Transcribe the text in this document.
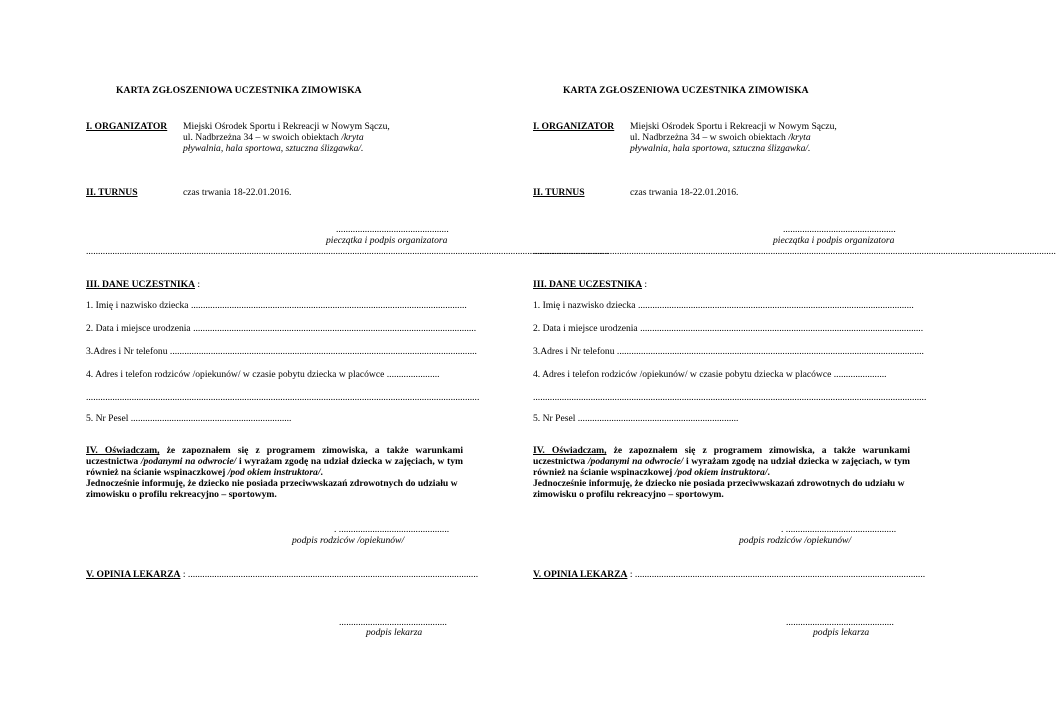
KARTA ZGŁOSZENIOWA UCZESTNIKA ZIMOWISKA
I. ORGANIZATOR Miejski Ośrodek Sportu i Rekreacji w Nowym Sączu,
ul. Nadbrzeżna 34 – w swoich obiektach /kryta
pływalnia, hala sportowa, sztuczna ślizgawka/.
II. TURNUS	czas trwania 18-22.01.2016.
...............................................
pieczątka i podpis organizatora
..........................................................................................................................................................................................................................
III. DANE UCZESTNIKA :
1. Imię i nazwisko dziecka ...................................................................................................................
2. Data i miejsce urodzenia ......................................................................................................................
3.Adres i Nr telefonu ................................................................................................................................
4. Adres i telefon rodziców /opiekunów/ w czasie pobytu dziecka w placówce ......................
....................................................................................................................................................................
5. Nr Pesel ...................................................................

IV. Oświadczam, że zapoznałem się z programem zimowiska, a także warunkami uczestnictwa /podanymi na odwrocie/ i wyrażam zgodę na udział dziecka w zajęciach, w tym również na ścianie wspinaczkowej /pod okiem instruktora/.

Jednocześnie informuję, że dziecko nie posiada przeciwwskazań zdrowotnych do udziału w zimowisku o profilu rekreacyjno – sportowym.

. ..............................................
podpis rodziców /opiekunów/
V. OPINIA LEKARZA : .........................................................................................................................
.............................................
podpis lekarza
KARTA ZGŁOSZENIOWA UCZESTNIKA ZIMOWISKA
I. ORGANIZATOR Miejski Ośrodek Sportu i Rekreacji w Nowym Sączu,
ul. Nadbrzeżna 34 – w swoich obiektach /kryta
pływalnia, hala sportowa, sztuczna ślizgawka/.
II. TURNUS	czas trwania 18-22.01.2016.
...............................................
pieczątka i podpis organizatora
..........................................................................................................................................................................................................................
III. DANE UCZESTNIKA :
1. Imię i nazwisko dziecka ...................................................................................................................
2. Data i miejsce urodzenia ......................................................................................................................
3.Adres i Nr telefonu ................................................................................................................................
4. Adres i telefon rodziców /opiekunów/ w czasie pobytu dziecka w placówce ......................
....................................................................................................................................................................
5. Nr Pesel ...................................................................

IV. Oświadczam, że zapoznałem się z programem zimowiska, a także warunkami uczestnictwa /podanymi na odwrocie/ i wyrażam zgodę na udział dziecka w zajęciach, w tym również na ścianie wspinaczkowej /pod okiem instruktora/.

Jednocześnie informuję, że dziecko nie posiada przeciwwskazań zdrowotnych do udziału w zimowisku o profilu rekreacyjno – sportowym.

. ..............................................
podpis rodziców /opiekunów/
V. OPINIA LEKARZA : .........................................................................................................................
.............................................
podpis lekarza
